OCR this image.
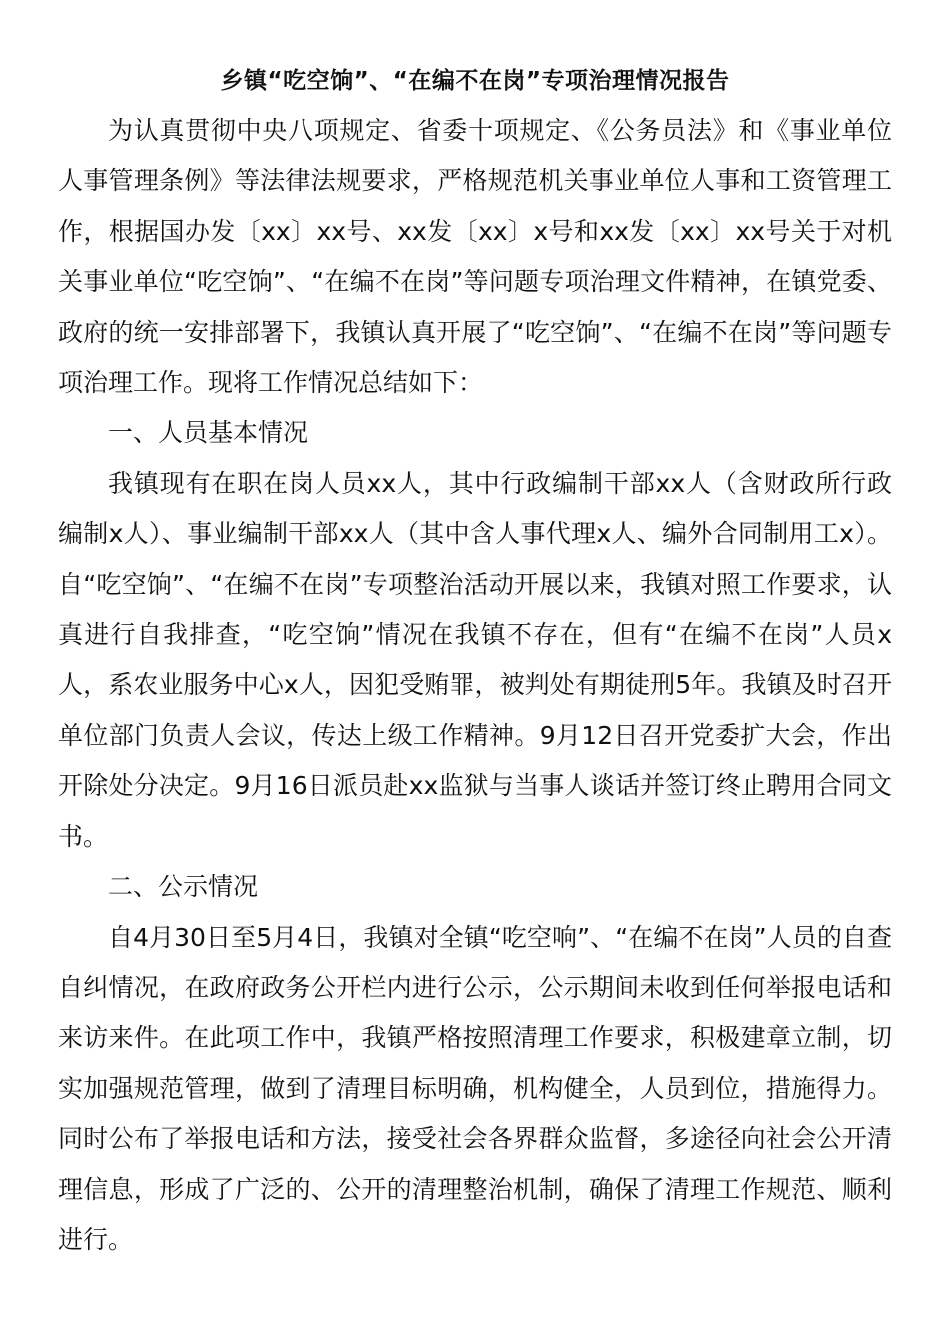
乡镇“吃空饷”、“在编不在岗”专项治理情况报告

为认真贯彻中央八项规定、省委十项规定、《公务员法》和《事业单位人事管理条例》等法律法规要求，严格规范机关事业单位人事和工资管理工作，根据国办发〔xx〕xx号、xx发〔xx〕x号和xx发〔xx〕xx号关于对机关事业单位“吃空饷”、“在编不在岗”等问题专项治理文件精神，在镇党委、政府的统一安排部署下，我镇认真开展了“吃空饷”、“在编不在岗”等问题专项治理工作。现将工作情况总结如下：

一、人员基本情况

我镇现有在职在岗人员xx人，其中行政编制干部xx人（含财政所行政编制x人）、事业编制干部xx人（其中含人事代理x人、编外合同制用工x）。自“吃空饷”、“在编不在岗”专项整治活动开展以来，我镇对照工作要求，认真进行自我排查，“吃空饷”情况在我镇不存在，但有“在编不在岗”人员x人，系农业服务中心x人，因犯受贿罪，被判处有期徒刑5年。我镇及时召开单位部门负责人会议，传达上级工作精神。9月12日召开党委扩大会，作出开除处分决定。9月16日派员赴xx监狱与当事人谈话并签订终止聘用合同文书。

二、公示情况

自4月30日至5月4日，我镇对全镇“吃空响”、“在编不在岗”人员的自查自纠情况，在政府政务公开栏内进行公示，公示期间未收到任何举报电话和来访来件。在此项工作中，我镇严格按照清理工作要求，积极建章立制，切实加强规范管理，做到了清理目标明确，机构健全，人员到位，措施得力。同时公布了举报电话和方法，接受社会各界群众监督，多途径向社会公开清理信息，形成了广泛的、公开的清理整治机制，确保了清理工作规范、顺利进行。
